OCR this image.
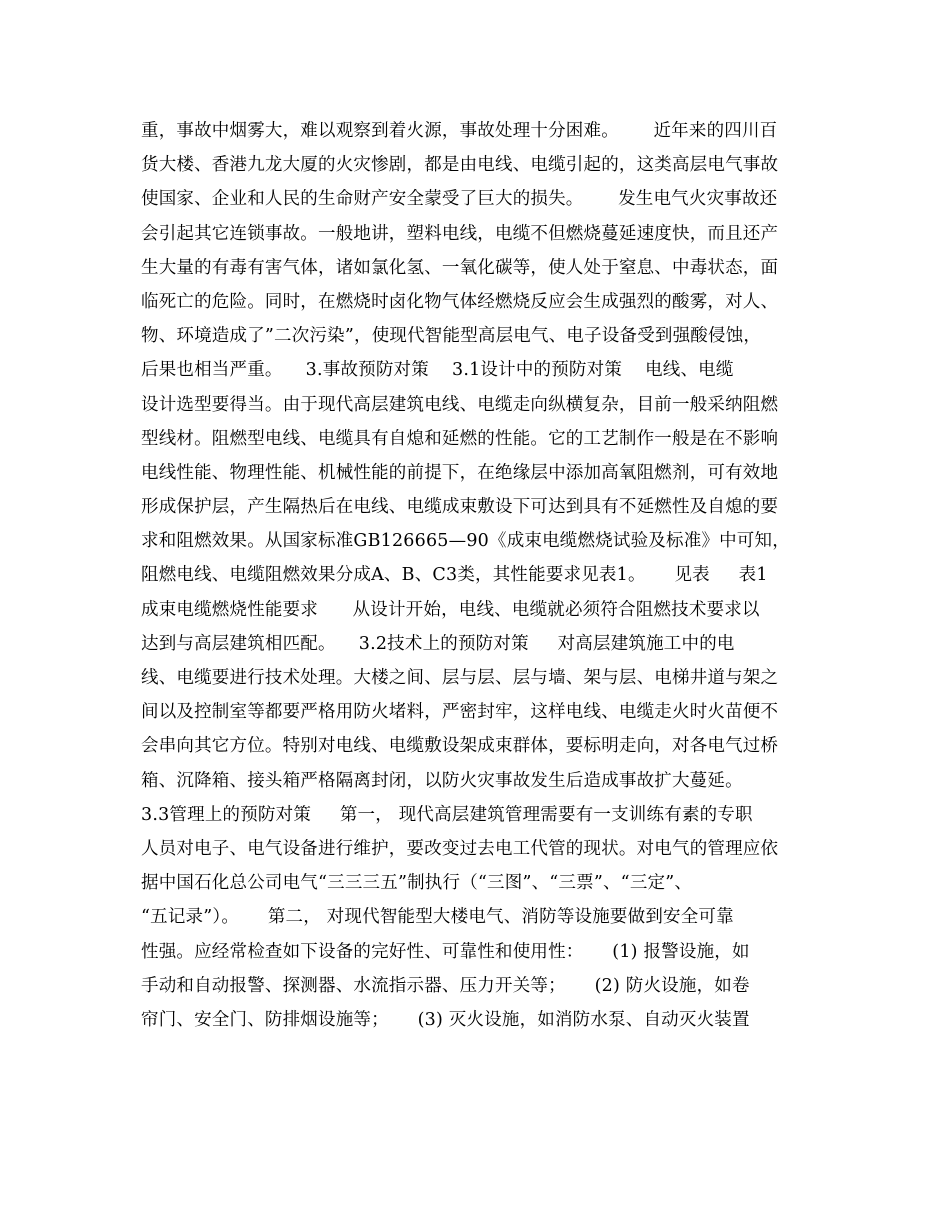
重，事故中烟雾大，难以观察到着火源，事故处理十分困难。      近年来的四川百
货大楼、香港九龙大厦的火灾惨剧，都是由电线、电缆引起的，这类高层电气事故
使国家、企业和人民的生命财产安全蒙受了巨大的损失。      发生电气火灾事故还
会引起其它连锁事故。一般地讲，塑料电线，电缆不但燃烧蔓延速度快，而且还产
生大量的有毒有害气体，诸如氯化氢、一氧化碳等，使人处于窒息、中毒状态，面
临死亡的危险。同时，在燃烧时卤化物气体经燃烧反应会生成强烈的酸雾，对人、
物、环境造成了”二次污染”，使现代智能型高层电气、电子设备受到强酸侵蚀，
后果也相当严重。    3.事故预防对策    3.1设计中的预防对策    电线、电缆
设计选型要得当。由于现代高层建筑电线、电缆走向纵横复杂，目前一般采纳阻燃
型线材。阻燃型电线、电缆具有自熄和延燃的性能。它的工艺制作一般是在不影响
电线性能、物理性能、机械性能的前提下，在绝缘层中添加高氧阻燃剂，可有效地
形成保护层，产生隔热后在电线、电缆成束敷设下可达到具有不延燃性及自熄的要
求和阻燃效果。从国家标准GB126665—90《成束电缆燃烧试验及标准》中可知，
阻燃电线、电缆阻燃效果分成A、B、C3类，其性能要求见表1。     见表     表1
成束电缆燃烧性能要求      从设计开始，电线、电缆就必须符合阻燃技术要求以
达到与高层建筑相匹配。    3.2技术上的预防对策     对高层建筑施工中的电
线、电缆要进行技术处理。大楼之间、层与层、层与墙、架与层、电梯井道与架之
间以及控制室等都要严格用防火堵料，严密封牢，这样电线、电缆走火时火苗便不
会串向其它方位。特别对电线、电缆敷设架成束群体，要标明走向，对各电气过桥
箱、沉降箱、接头箱严格隔离封闭，以防火灾事故发生后造成事故扩大蔓延。
3.3管理上的预防对策     第一， 现代高层建筑管理需要有一支训练有素的专职
人员对电子、电气设备进行维护，要改变过去电工代管的现状。对电气的管理应依
据中国石化总公司电气“三三三五”制执行（“三图”、“三票”、“三定”、
“五记录”）。     第二， 对现代智能型大楼电气、消防等设施要做到安全可靠
性强。应经常检查如下设备的完好性、可靠性和使用性：     (1) 报警设施，如
手动和自动报警、探测器、水流指示器、压力开关等；     (2) 防火设施，如卷
帘门、安全门、防排烟设施等；     (3) 灭火设施，如消防水泵、自动灭火装置
